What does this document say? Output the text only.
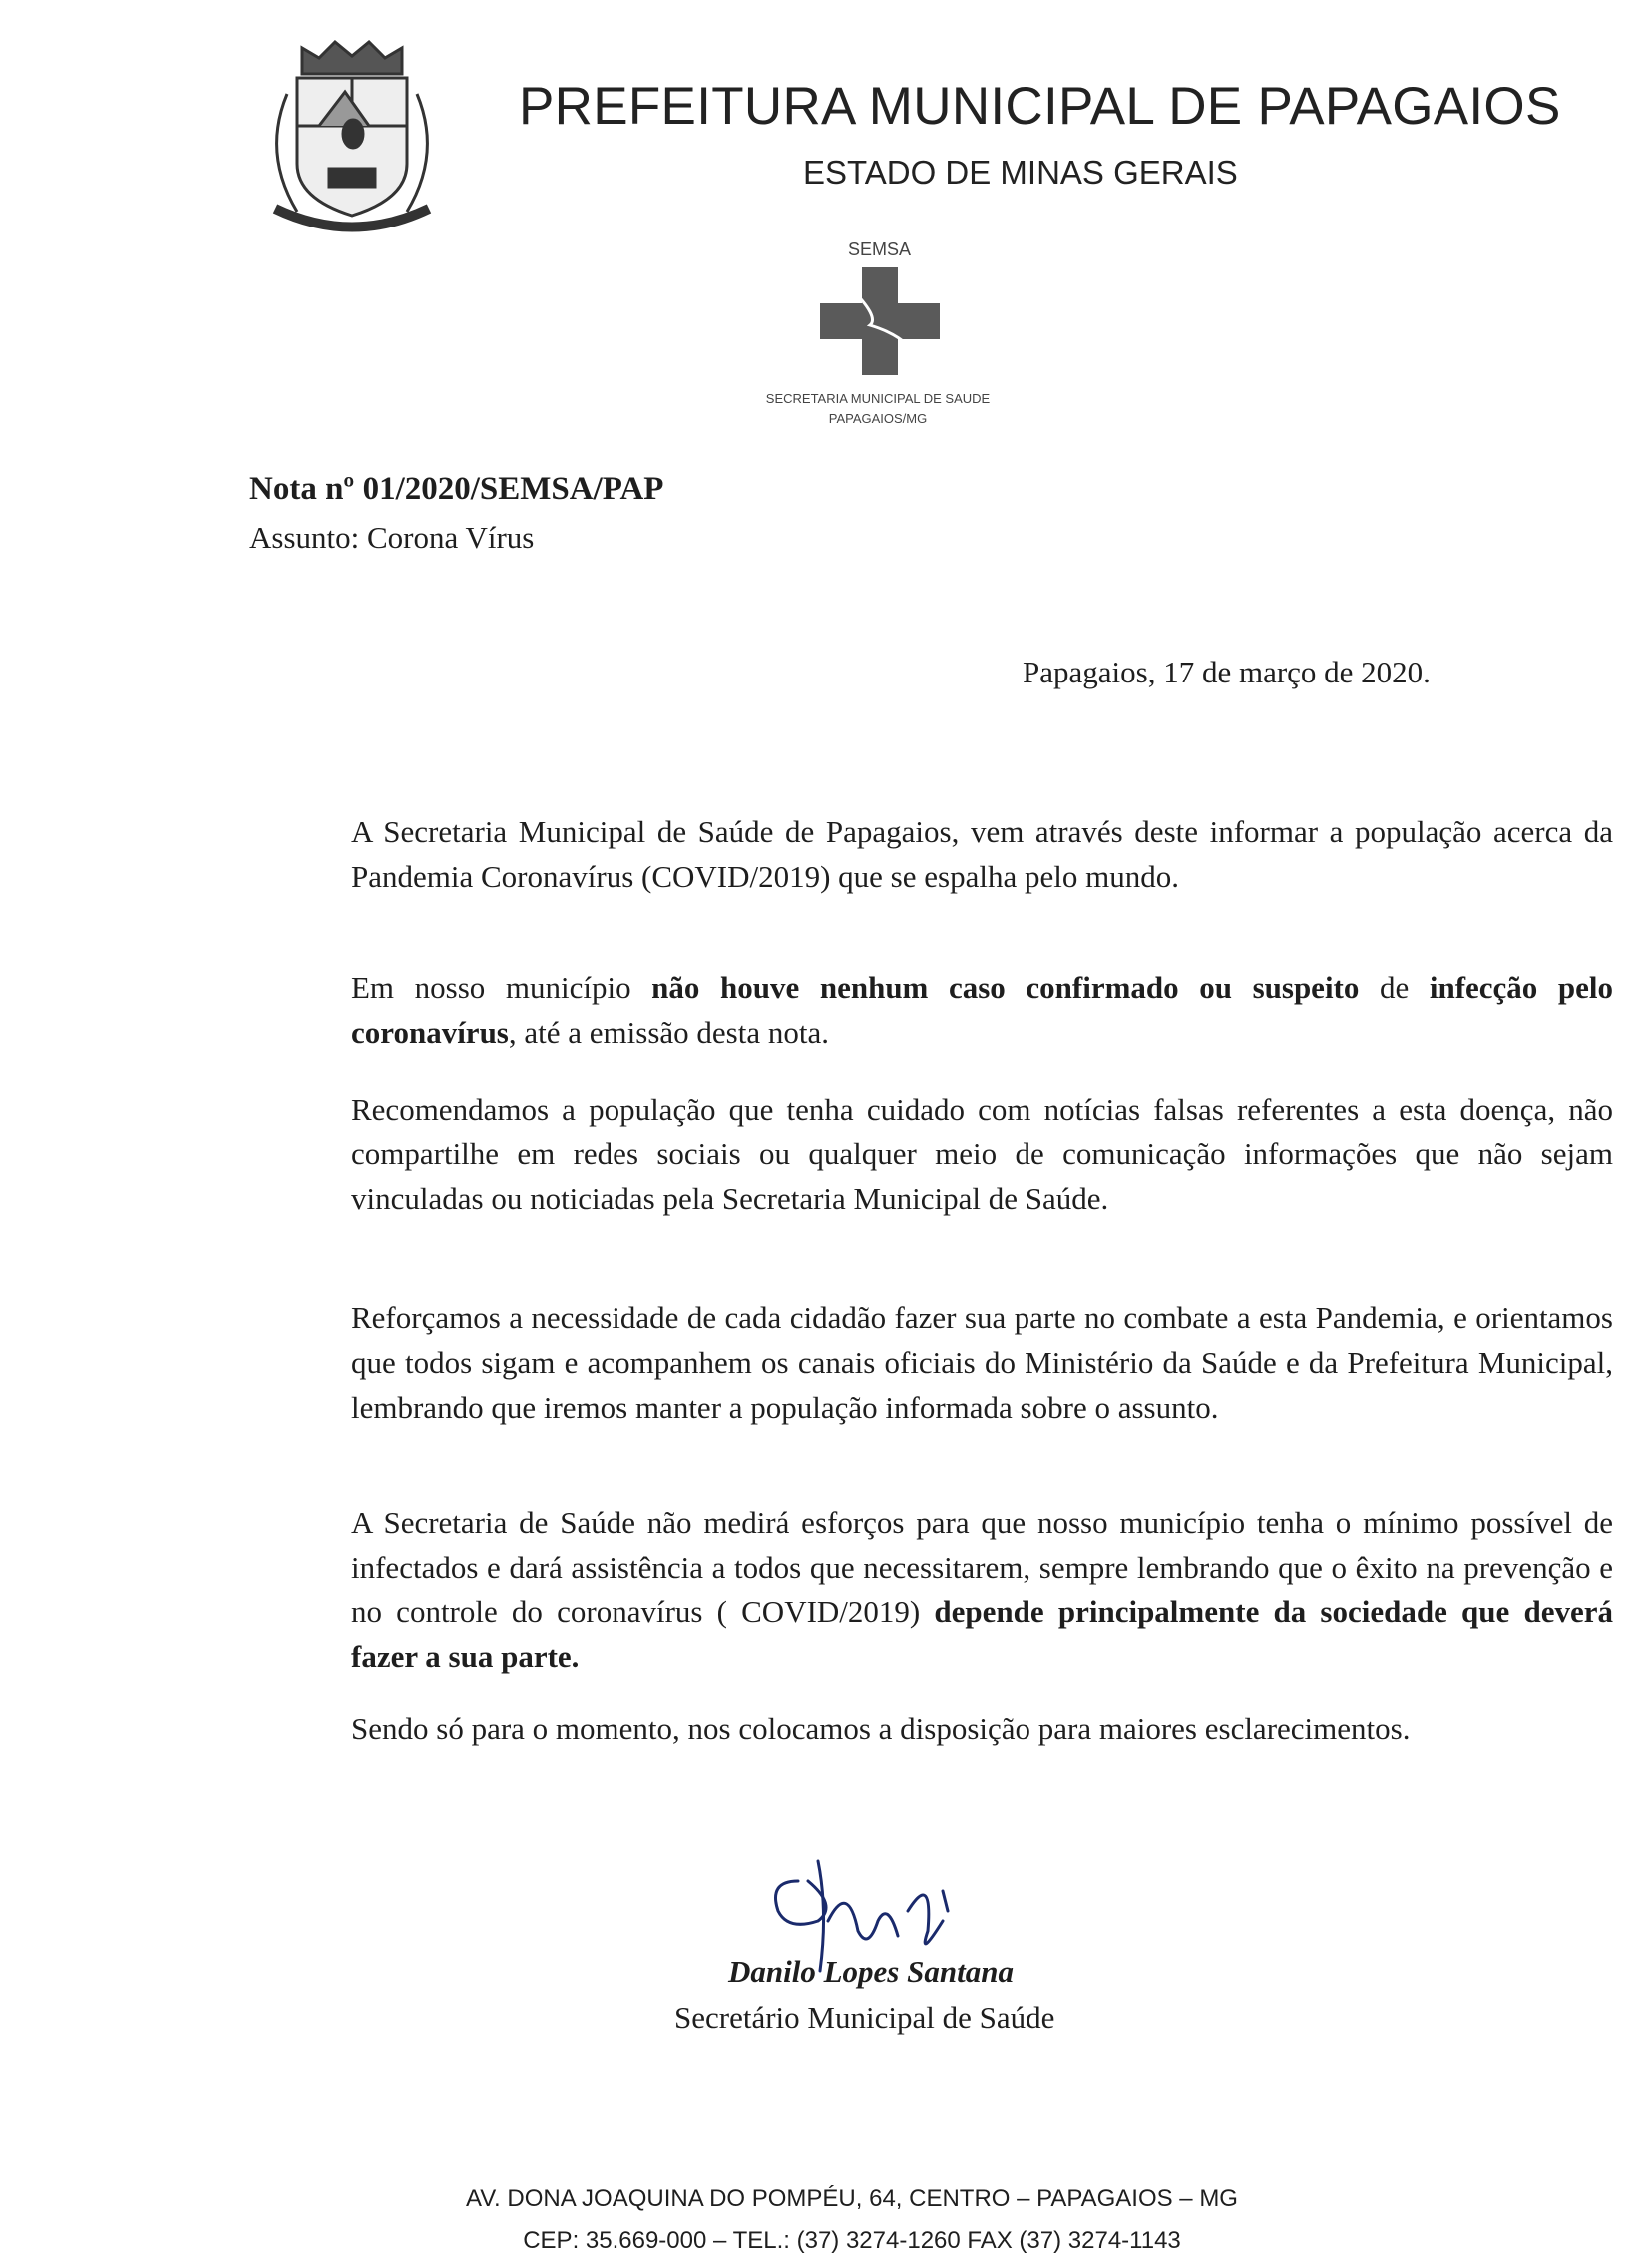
PREFEITURA MUNICIPAL DE PAPAGAIOS
ESTADO DE MINAS GERAIS
SEMSA
SECRETARIA MUNICIPAL DE SAUDE
PAPAGAIOS/MG
Nota nº 01/2020/SEMSA/PAP
Assunto: Corona Vírus
Papagaios, 17 de março de 2020.
A Secretaria Municipal de Saúde de Papagaios, vem através deste informar a população acerca da Pandemia Coronavírus (COVID/2019) que se espalha pelo mundo.
Em nosso município não houve nenhum caso confirmado ou suspeito de infecção pelo coronavírus, até a emissão desta nota.
Recomendamos a população que tenha cuidado com notícias falsas referentes a esta doença, não compartilhe em redes sociais ou qualquer meio de comunicação informações que não sejam vinculadas ou noticiadas pela Secretaria Municipal de Saúde.
Reforçamos a necessidade de cada cidadão fazer sua parte no combate a esta Pandemia, e orientamos que todos sigam e acompanhem os canais oficiais do Ministério da Saúde e da Prefeitura Municipal, lembrando que iremos manter a população informada sobre o assunto.
A Secretaria de Saúde não medirá esforços para que nosso município tenha o mínimo possível de infectados e dará assistência a todos que necessitarem, sempre lembrando que o êxito na prevenção e no controle do coronavírus ( COVID/2019) depende principalmente da sociedade que deverá fazer a sua parte.
Sendo só para o momento, nos colocamos a disposição para maiores esclarecimentos.
Danilo Lopes Santana
Secretário Municipal de Saúde
AV. DONA JOAQUINA DO POMPÉU, 64, CENTRO – PAPAGAIOS – MG
CEP: 35.669-000 – TEL.: (37) 3274-1260 FAX (37) 3274-1143
